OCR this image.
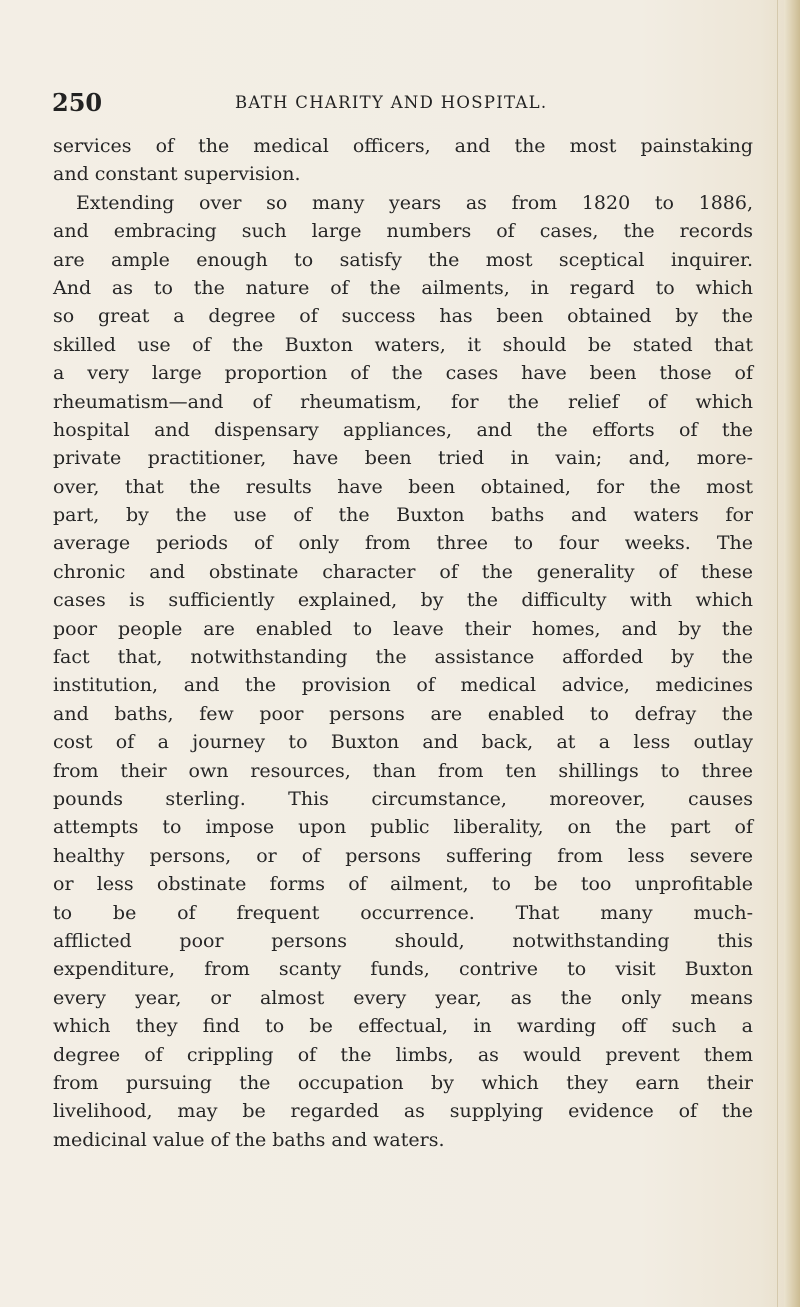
250	BATH CHARITY AND HOSPITAL.
services of the medical officers, and the most painstaking
and constant supervision.
Extending over so many years as from 1820 to 1886,
and embracing such large numbers of cases, the records
are ample enough to satisfy the most sceptical inquirer.
And as to the nature of the ailments, in regard to which
so great a degree of success has been obtained by the
skilled use of the Buxton waters, it should be stated that
a very large proportion of the cases have been those of
rheumatism—and of rheumatism, for the relief of which
hospital and dispensary appliances, and the efforts of the
private practitioner, have been tried in vain; and, more-
over, that the results have been obtained, for the most
part, by the use of the Buxton baths and waters for
average periods of only from three to four weeks. The
chronic and obstinate character of the generality of these
cases is sufficiently explained, by the difficulty with which
poor people are enabled to leave their homes, and by the
fact that, notwithstanding the assistance afforded by the
institution, and the provision of medical advice, medicines
and baths, few poor persons are enabled to defray the
cost of a journey to Buxton and back, at a less outlay
from their own resources, than from ten shillings to three
pounds sterling. This circumstance, moreover, causes
attempts to impose upon public liberality, on the part of
healthy persons, or of persons suffering from less severe
or less obstinate forms of ailment, to be too unprofitable
to be of frequent occurrence. That many much-
afflicted poor persons should, notwithstanding this
expenditure, from scanty funds, contrive to visit Buxton
every year, or almost every year, as the only means
which they find to be effectual, in warding off such a
degree of crippling of the limbs, as would prevent them
from pursuing the occupation by which they earn their
livelihood, may be regarded as supplying evidence of the
medicinal value of the baths and waters.
